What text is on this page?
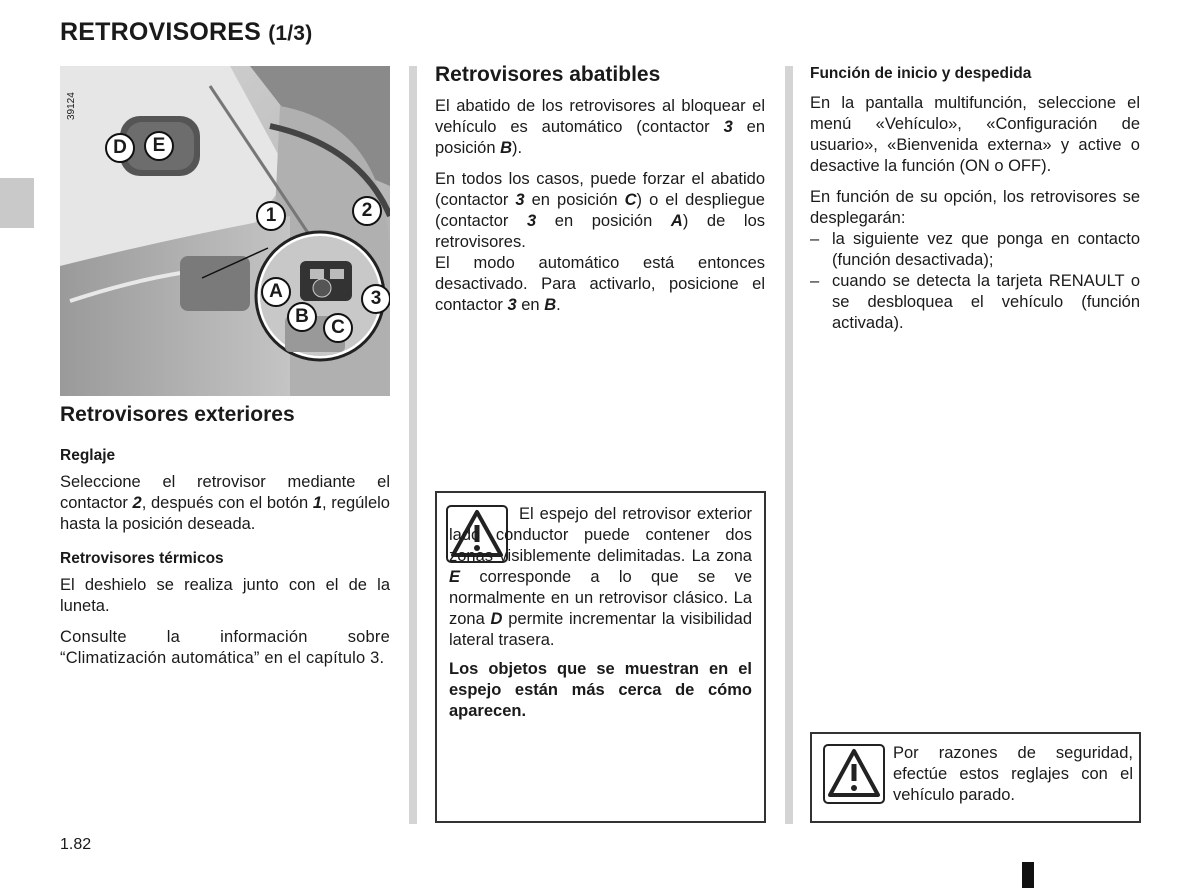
RETROVISORES (1/3)
39124
D	E
1	2
A	3
B
C
Retrovisores exteriores
Reglaje

Seleccione el retrovisor mediante el contactor 2, después con el botón 1, regúlelo hasta la posición deseada.

Retrovisores térmicos

El deshielo se realiza junto con el de la luneta.

Consulte la información sobre “Climatización automática” en el capítulo 3.

Retrovisores abatibles

El abatido de los retrovisores al bloquear el vehículo es automático (contactor 3 en posición B).

En todos los casos, puede forzar el abatido (contactor 3 en posición C) o el despliegue (contactor 3 en posición A) de los retrovisores.

El modo automático está entonces desactivado. Para activarlo, posicione el contactor 3 en B.

El espejo del retrovisor exterior lado conductor puede contener dos zonas visiblemente delimitadas. La zona E corresponde a lo que se ve normalmente en un retrovisor clásico. La zona D permite incrementar la visibilidad lateral trasera.

Los objetos que se muestran en el espejo están más cerca de cómo aparecen.

Función de inicio y despedida

En la pantalla multifunción, seleccione el menú «Vehículo», «Configuración de usuario», «Bienvenida externa» y active o desactive la función (ON o OFF).

En función de su opción, los retrovisores se desplegarán:

– la siguiente vez que ponga en contacto (función desactivada);
– cuando se detecta la tarjeta RENAULT o se desbloquea el vehículo (función activada).
Por razones de seguridad, efectúe estos reglajes con el vehículo parado.
1.82
